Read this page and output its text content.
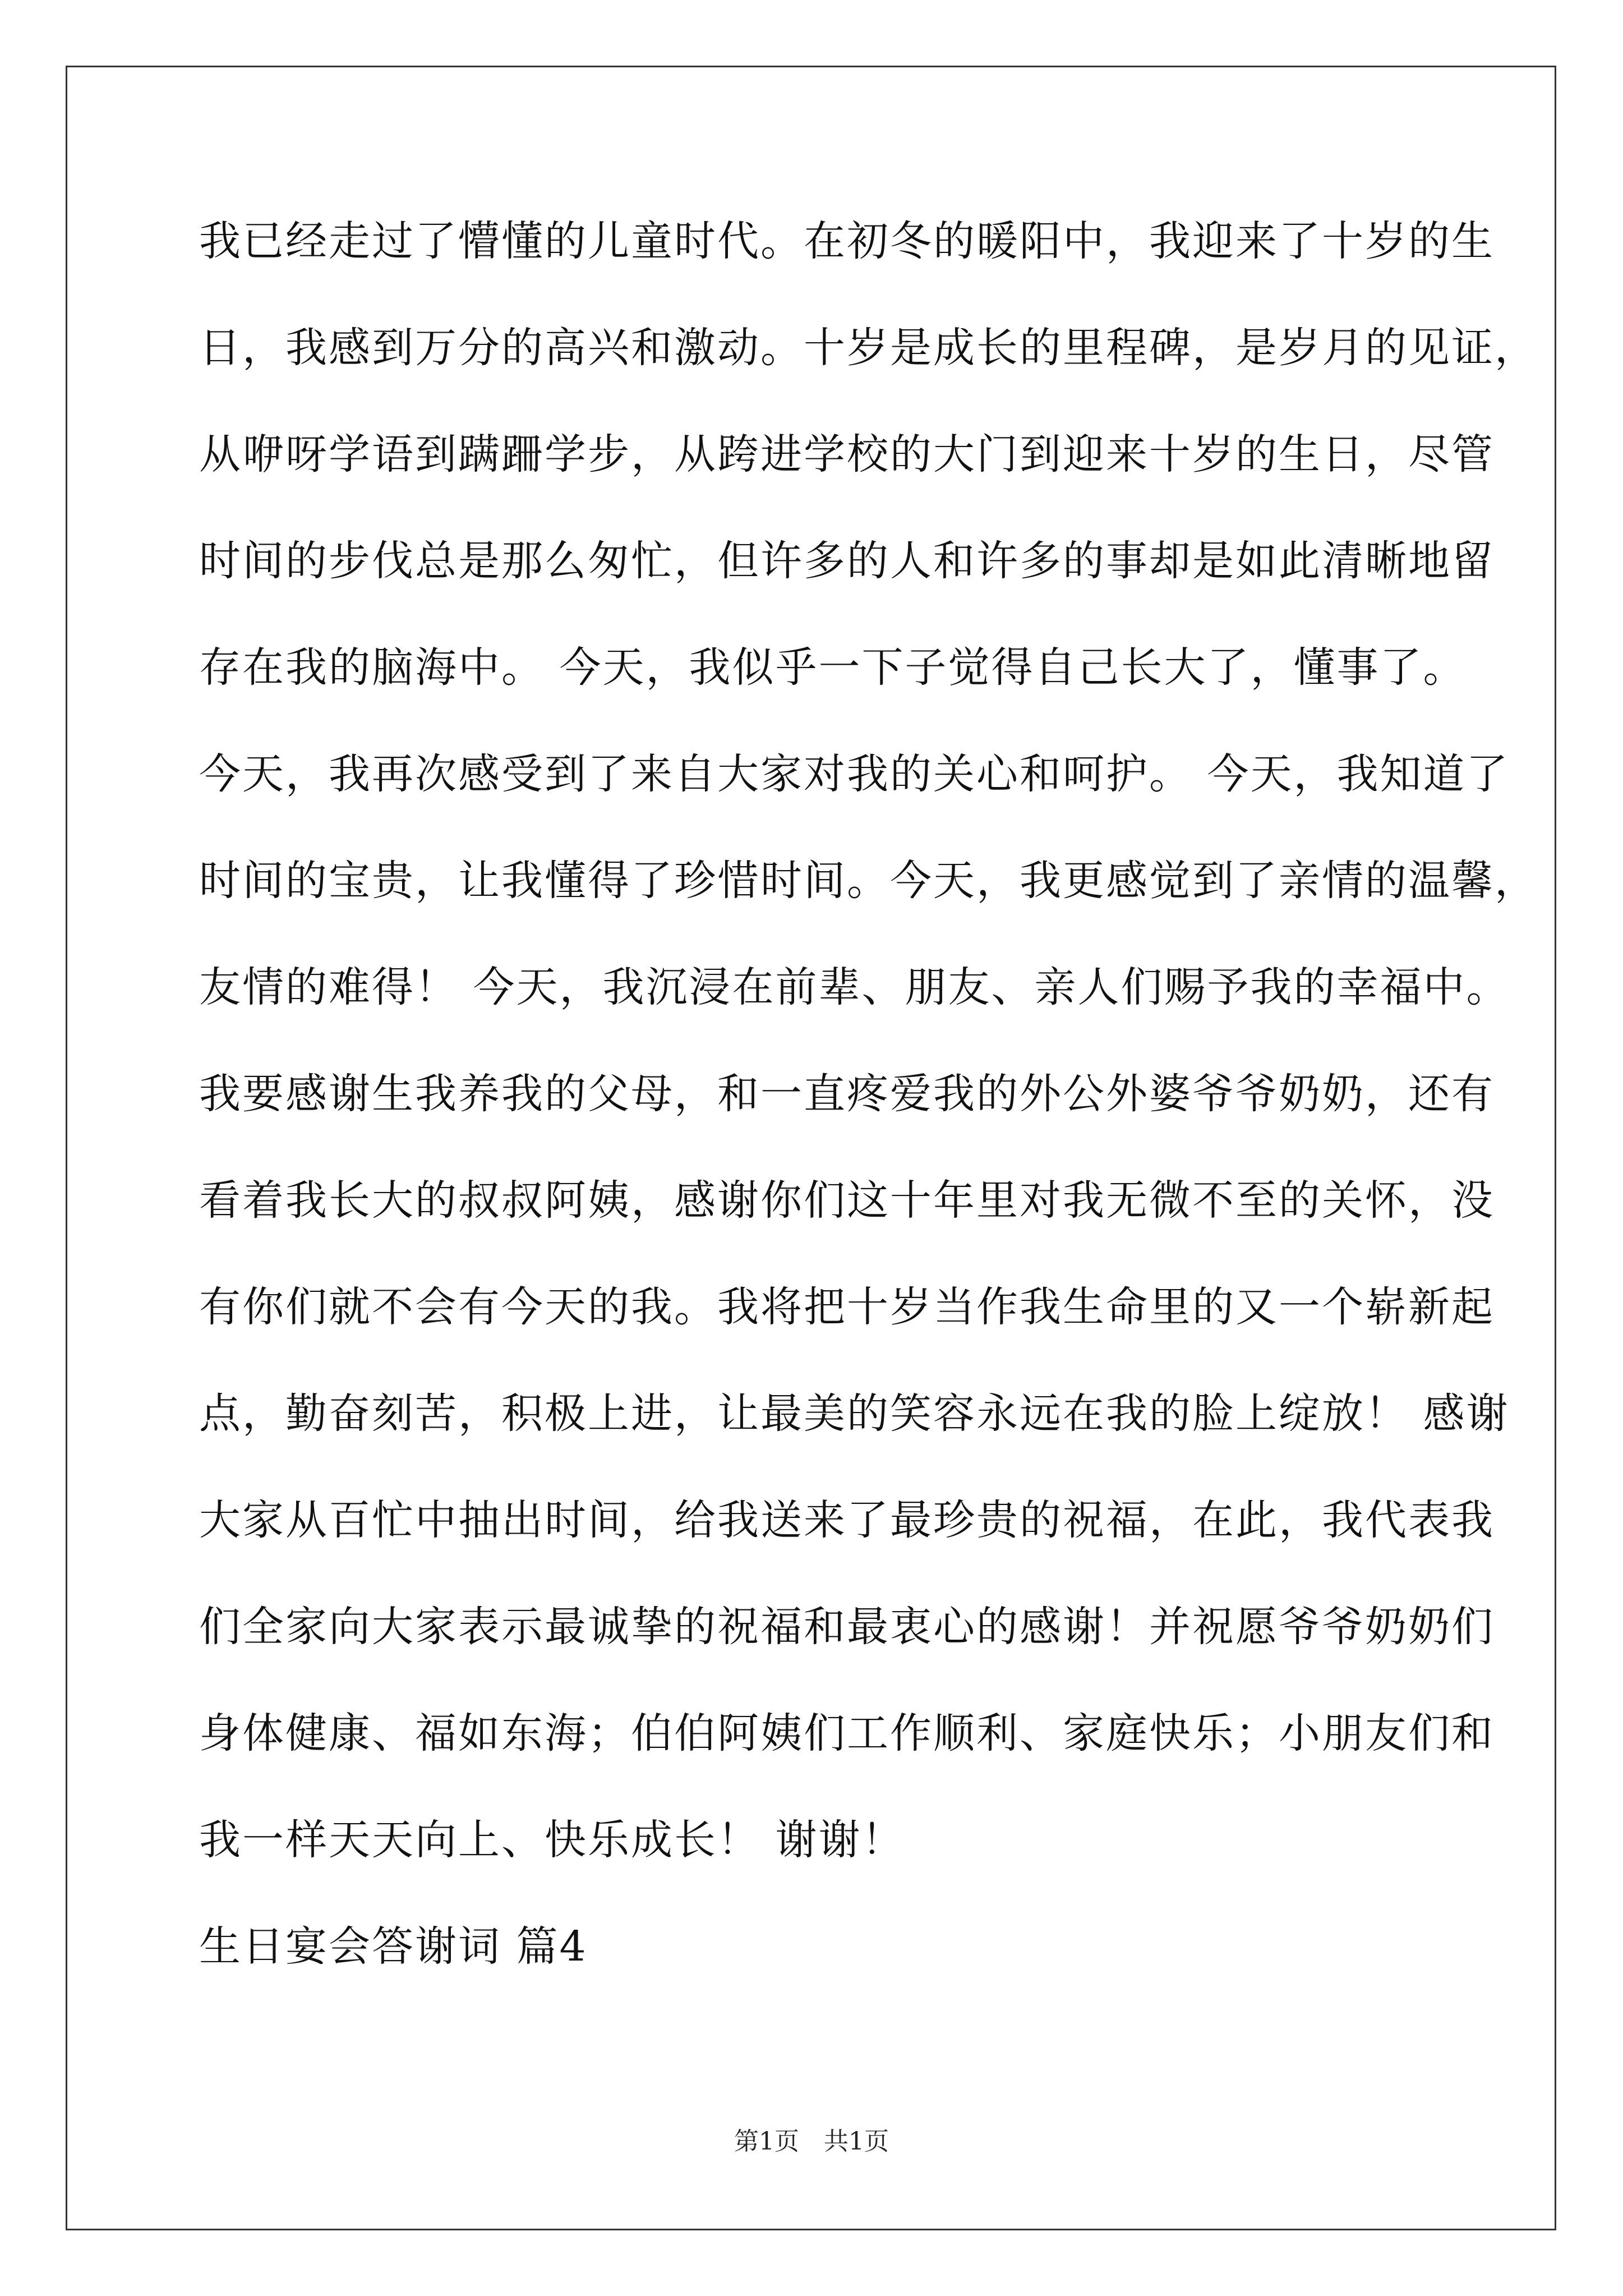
我已经走过了懵懂的儿童时代。在初冬的暖阳中，我迎来了十岁的生
日，我感到万分的高兴和激动。十岁是成长的里程碑，是岁月的见证，
从咿呀学语到蹒跚学步，从跨进学校的大门到迎来十岁的生日，尽管
时间的步伐总是那么匆忙，但许多的人和许多的事却是如此清晰地留
存在我的脑海中。 今天，我似乎一下子觉得自己长大了，懂事了。
今天，我再次感受到了来自大家对我的关心和呵护。 今天，我知道了
时间的宝贵，让我懂得了珍惜时间。今天，我更感觉到了亲情的温馨，
友情的难得！ 今天，我沉浸在前辈、朋友、亲人们赐予我的幸福中。
我要感谢生我养我的父母，和一直疼爱我的外公外婆爷爷奶奶，还有
看着我长大的叔叔阿姨，感谢你们这十年里对我无微不至的关怀，没
有你们就不会有今天的我。我将把十岁当作我生命里的又一个崭新起
点，勤奋刻苦，积极上进，让最美的笑容永远在我的脸上绽放！ 感谢
大家从百忙中抽出时间，给我送来了最珍贵的祝福，在此，我代表我
们全家向大家表示最诚挚的祝福和最衷心的感谢！并祝愿爷爷奶奶们
身体健康、福如东海；伯伯阿姨们工作顺利、家庭快乐；小朋友们和
我一样天天向上、快乐成长！ 谢谢！
生日宴会答谢词 篇4
第1页　共1页
